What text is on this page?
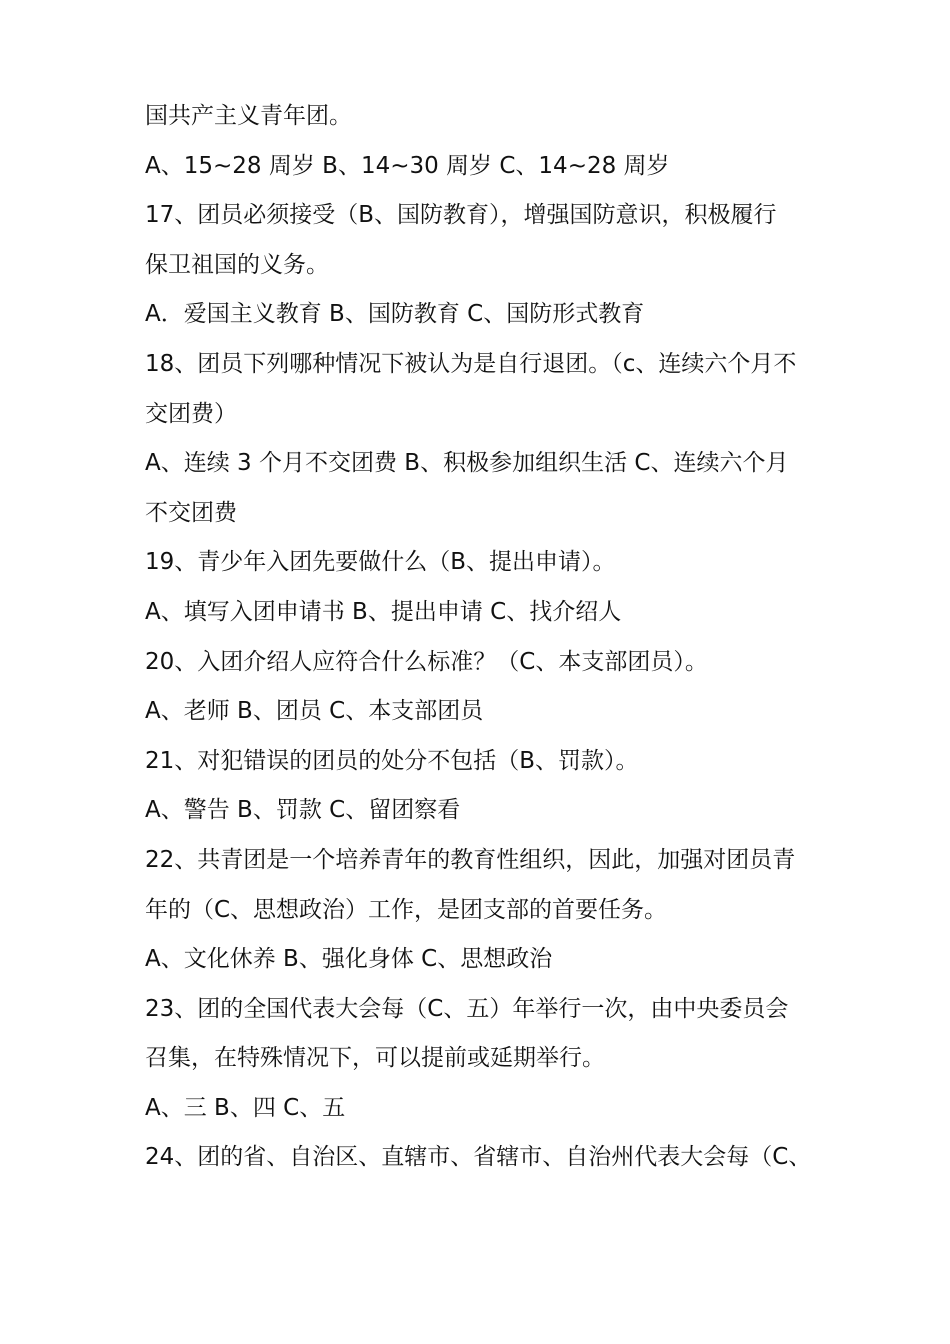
国共产主义青年团。
A、15~28 周岁 B、14~30 周岁 C、14~28 周岁
17、团员必须接受（B、国防教育），增强国防意识，积极履行
保卫祖国的义务。
A．爱国主义教育 B、国防教育 C、国防形式教育
18、团员下列哪种情况下被认为是自行退团。（c、连续六个月不
交团费）
A、连续 3 个月不交团费 B、积极参加组织生活 C、连续六个月
不交团费
19、青少年入团先要做什么（B、提出申请）。
A、填写入团申请书 B、提出申请 C、找介绍人
20、入团介绍人应符合什么标准？（C、本支部团员）。
A、老师 B、团员 C、本支部团员
21、对犯错误的团员的处分不包括（B、罚款）。
A、警告 B、罚款 C、留团察看
22、共青团是一个培养青年的教育性组织，因此，加强对团员青
年的（C、思想政治）工作，是团支部的首要任务。
A、文化休养 B、强化身体 C、思想政治
23、团的全国代表大会每（C、五）年举行一次，由中央委员会
召集，在特殊情况下，可以提前或延期举行。
A、三 B、四 C、五
24、团的省、自治区、直辖市、省辖市、自治州代表大会每（C、
